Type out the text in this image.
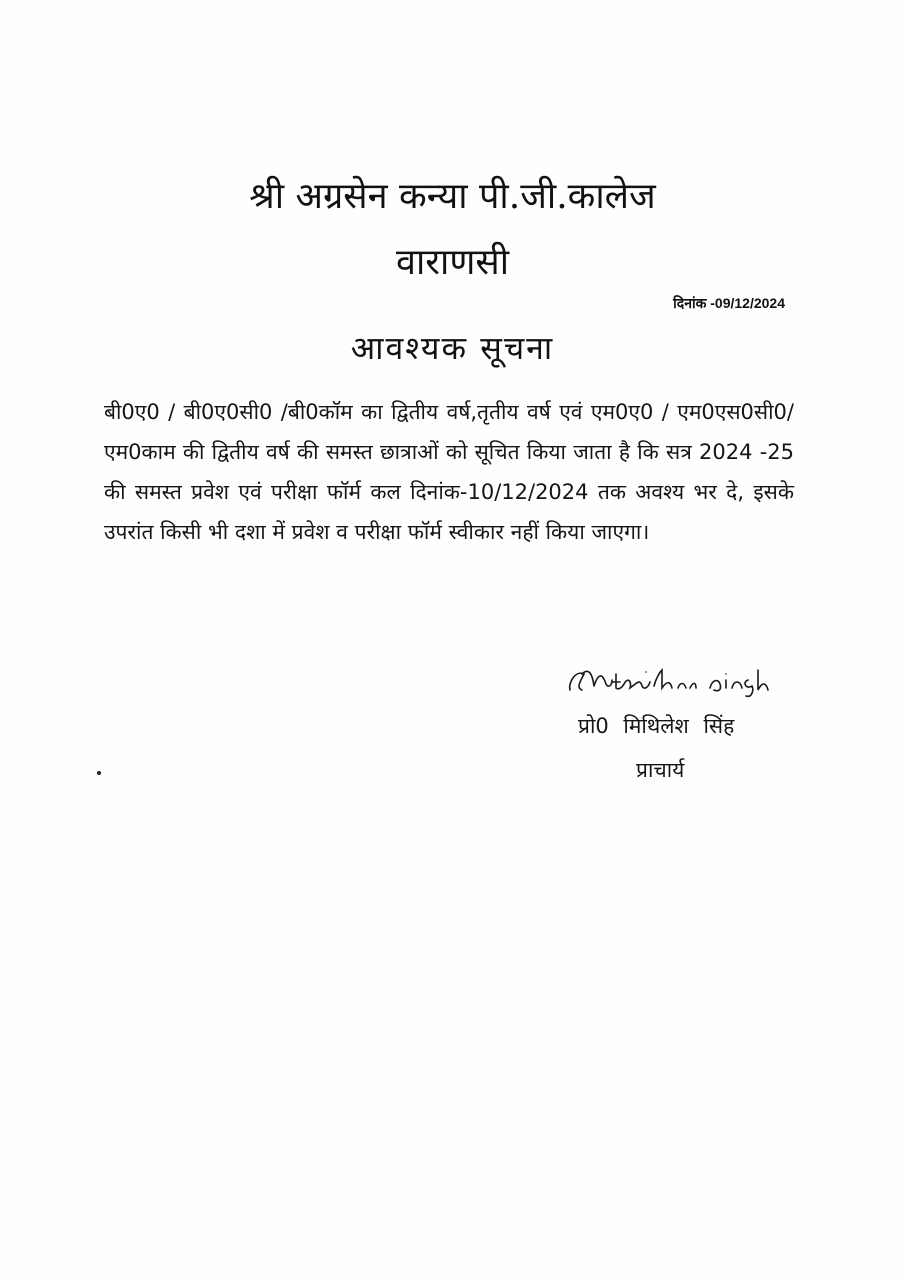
श्री अग्रसेन कन्या पी.जी.कालेज
वाराणसी
दिनांक -09/12/2024
आवश्यक सूचना
बी0ए0 / बी0ए0सी0 /बी0कॉम का द्वितीय वर्ष,तृतीय वर्ष एवं एम0ए0 / एम0एस0सी0/ एम0काम की द्वितीय वर्ष की समस्त छात्राओं को सूचित किया जाता है कि सत्र 2024 -25 की समस्त प्रवेश एवं परीक्षा फॉर्म कल दिनांक-10/12/2024 तक अवश्य भर दे, इसके उपरांत किसी भी दशा में प्रवेश व परीक्षा फॉर्म स्वीकार नहीं किया जाएगा।
प्रो0 मिथिलेश सिंह
प्राचार्य
